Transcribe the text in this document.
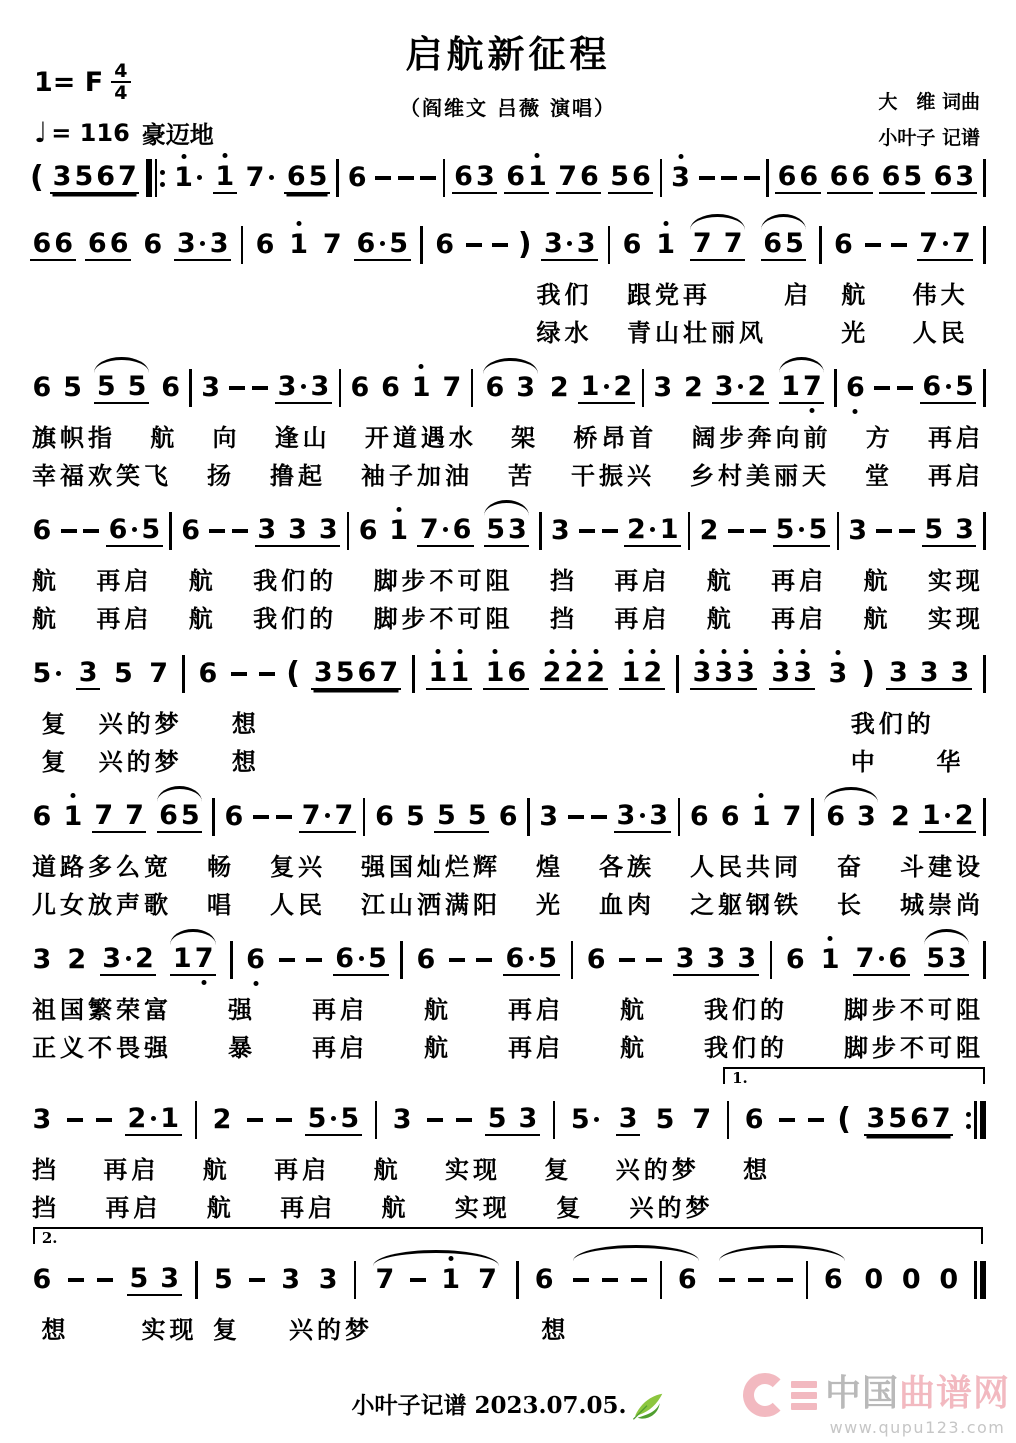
启航新征程
（阎维文 吕薇 演唱）
1= F $\frac{4}{4}$
♩ = 116 豪迈地
大　维 词曲
小叶子 记谱
( 3 5 6 7 1 1 7 6 5 6	6 3 6 1 7 6 5 6 3	6 6 6 6 6 5 6 3
6 6 6 6 6 3 3 6 1 7 6 5 6 ) 3 3 6 1 7 7 6 5 6 7 7
我们 跟党再	启 航 伟大
绿水 青山壮丽风	光 人民
6 5 5 5 6 3 3 3 6 6 1 7 6 3 2 1 2 3 2 3 2 1 7 6 6 5
旗帜指 航 向 逢山 开道遇水 架 桥昂首 阔步奔向前 方 再启
幸福欢笑飞 扬 撸起 袖子加油 苦 干振兴 乡村美丽天 堂 再启
6 6 5 6 3 3 3 6 1 7 6 5 3 3 2 1 2 5 5 3 5 3
航 再启 航 我们的 脚步不可阻 挡 再启 航 再启 航 实现
航 再启 航 我们的 脚步不可阻 挡 再启 航 再启 航 实现
5 3 5 7 6 ( 3 5 6 7 1 1 1 6 2 2 2 1 2 3 3 3 3 3 3 ) 3 3 3
复 兴的梦 想	我们的
复 兴的梦 想	中 华
6 1 7 7 6 5 6 7 7 6 5 5 5 6 3 3 3 6 6 1 7 6 3 2 1 2
道路多么宽 畅 复兴 强国灿烂辉 煌 各族 人民共同 奋 斗建设
儿女放声歌 唱 人民 江山洒满阳 光 血肉 之躯钢铁 长 城崇尚
3 2 3 2 1 7 6	6 5 6	6 5 6	3 3 3 6 1 7 6 5 3
祖国繁荣富 强 再启 航 再启 航 我们的 脚步不可阻
正义不畏强 暴 再启 航 再启 航 我们的 脚步不可阻
1.
3	2 1 2	5 5 3	5 3 5 3 5 7 6 ( 3 5 6 7
挡 再启 航 再启 航 实现 复 兴的梦 想
挡 再启 航 再启 航 实现 复 兴的梦
2.
6	5 3 5 3 3 7 1 7 6	6	6 0 0 0
想	实现 复 兴的梦	想
小叶子记谱 2023.07.05.	中国曲谱网
www.qupu123.com
